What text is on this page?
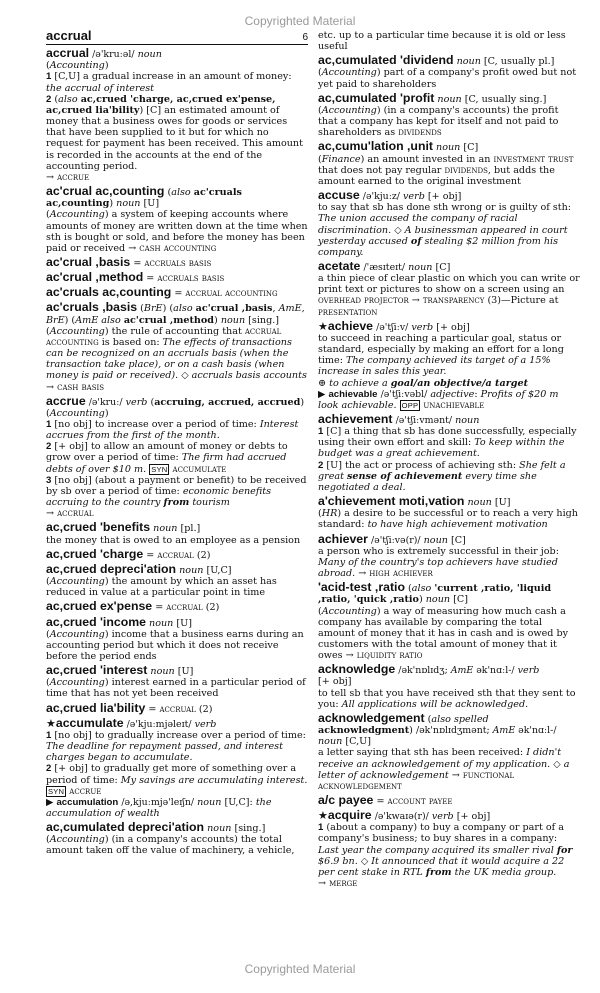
Copyrighted Material
accrual	6
accrual /ə'kruːəl/ noun
(Accounting)
1 [C,U] a gradual increase in an amount of money: the accrual of interest
2 (also ac,crued 'charge, ac,crued ex'pense, ac,crued lia'bility) [C] an estimated amount of money that a business owes for goods or services that have been supplied to it but for which no request for payment has been received. This amount is recorded in the accounts at the end of the accounting period.
→ accrue
ac'crual ac,counting (also ac'cruals ac,counting) noun [U]
(Accounting) a system of keeping accounts where amounts of money are written down at the time when sth is bought or sold, and before the money has been paid or received → cash accounting
ac'crual ,basis = accruals basis
ac'crual ,method = accruals basis
ac'cruals ac,counting = accrual accounting
ac'cruals ,basis (BrE) (also ac'crual ,basis, AmE, BrE) (AmE also ac'crual ,method) noun [sing.]
(Accounting) the rule of accounting that accrual accounting is based on: The effects of transactions can be recognized on an accruals basis (when the transaction take place), or on a cash basis (when money is paid or received). ◇ accruals basis accounts
→ cash basis
accrue /ə'kruː/ verb (accruing, accrued, accrued)
(Accounting)
1 [no obj] to increase over a period of time: Interest accrues from the first of the month.
2 [+ obj] to allow an amount of money or debts to grow over a period of time: The firm had accrued debts of over $10 m. SYN accumulate
3 [no obj] (about a payment or benefit) to be received by sb over a period of time: economic benefits accruing to the country from tourism
→ accrual
ac,crued 'benefits noun [pl.]
the money that is owed to an employee as a pension
ac,crued 'charge = accrual (2)
ac,crued depreci'ation noun [U,C]
(Accounting) the amount by which an asset has reduced in value at a particular point in time
ac,crued ex'pense = accrual (2)
ac,crued 'income noun [U]
(Accounting) income that a business earns during an accounting period but which it does not receive before the period ends
ac,crued 'interest noun [U]
(Accounting) interest earned in a particular period of time that has not yet been received
ac,crued lia'bility = accrual (2)
★accumulate /ə'kjuːmjəleɪt/ verb
1 [no obj] to gradually increase over a period of time: The deadline for repayment passed, and interest charges began to accumulate.
2 [+ obj] to gradually get more of something over a period of time: My savings are accumulating interest. SYN accrue
▶ accumulation /ə,kjuːmjə'leɪʃn/ noun [U,C]: the accumulation of wealth
ac,cumulated depreci'ation noun [sing.]
(Accounting) (in a company's accounts) the total amount taken off the value of machinery, a vehicle,
etc. up to a particular time because it is old or less useful
ac,cumulated 'dividend noun [C, usually pl.]
(Accounting) part of a company's profit owed but not yet paid to shareholders
ac,cumulated 'profit noun [C, usually sing.]
(Accounting) (in a company's accounts) the profit that a company has kept for itself and not paid to shareholders as dividends
ac,cumu'lation ,unit noun [C]
(Finance) an amount invested in an investment trust that does not pay regular dividends, but adds the amount earned to the original investment
accuse /ə'kjuːz/ verb [+ obj]
to say that sb has done sth wrong or is guilty of sth: The union accused the company of racial discrimination. ◇ A businessman appeared in court yesterday accused of stealing $2 million from his company.
acetate /'æsɪteɪt/ noun [C]
a thin piece of clear plastic on which you can write or print text or pictures to show on a screen using an overhead projector → transparency (3)—Picture at presentation
★achieve /ə'tʃiːv/ verb [+ obj]
to succeed in reaching a particular goal, status or standard, especially by making an effort for a long time: The company achieved its target of a 15% increase in sales this year.
⊕ to achieve a goal/an objective/a target
▶ achievable /ə'tʃiːvəbl/ adjective: Profits of $20 m look achievable. OPP unachievable
achievement /ə'tʃiːvmənt/ noun
1 [C] a thing that sb has done successfully, especially using their own effort and skill: To keep within the budget was a great achievement.
2 [U] the act or process of achieving sth: She felt a great sense of achievement every time she negotiated a deal.
a'chievement moti,vation noun [U]
(HR) a desire to be successful or to reach a very high standard: to have high achievement motivation
achiever /ə'tʃiːvə(r)/ noun [C]
a person who is extremely successful in their job: Many of the country's top achievers have studied abroad. → high achiever
'acid-test ,ratio (also 'current ,ratio, 'liquid ,ratio, 'quick ,ratio) noun [C]
(Accounting) a way of measuring how much cash a company has available by comparing the total amount of money that it has in cash and is owed by customers with the total amount of money that it owes → liquidity ratio
acknowledge /ək'nɒlɪdʒ; AmE ək'nɑːl-/ verb
[+ obj]
to tell sb that you have received sth that they sent to you: All applications will be acknowledged.
acknowledgement (also spelled acknowledgment) /ək'nɒlɪdʒmənt; AmE ək'nɑːl-/ noun [C,U]
a letter saying that sth has been received: I didn't receive an acknowledgement of my application. ◇ a letter of acknowledgement → functional acknowledgement
a/c payee = account payee
★acquire /ə'kwaɪə(r)/ verb [+ obj]
1 (about a company) to buy a company or part of a company's business; to buy shares in a company: Last year the company acquired its smaller rival for $6.9 bn. ◇ It announced that it would acquire a 22 per cent stake in RTL from the UK media group.
→ merge
Copyrighted Material
